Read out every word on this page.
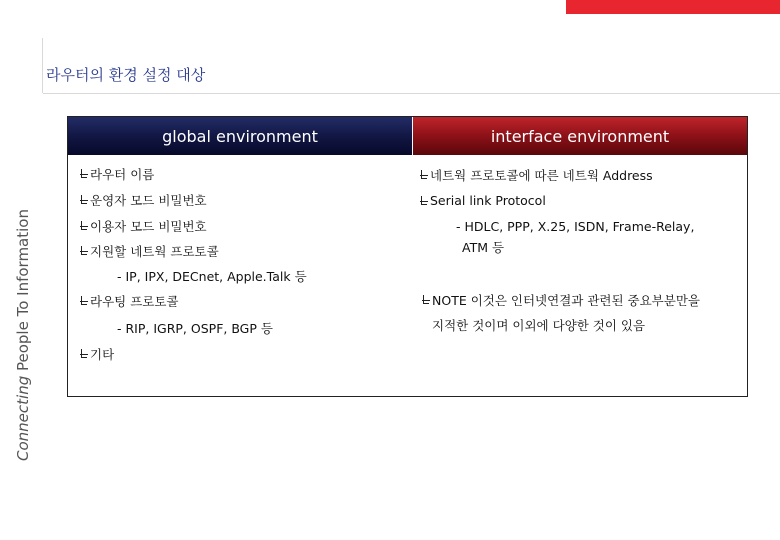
Connecting People To Information
라우터의 환경 설정 대상
global environment	interface environment
라우터 이름
운영자 모드 비밀번호
이용자 모드 비밀번호
지원할 네트웍 프로토콜
- IP, IPX, DECnet, Apple.Talk 등
라우팅 프로토콜
- RIP, IGRP, OSPF, BGP 등
기타
네트웍 프로토콜에 따른 네트웍 Address
Serial link Protocol
- HDLC, PPP, X.25, ISDN, Frame-Relay,
ATM 등
NOTE 이것은 인터넷연결과 관련된 중요부분만을
지적한 것이며 이외에 다양한 것이 있음
